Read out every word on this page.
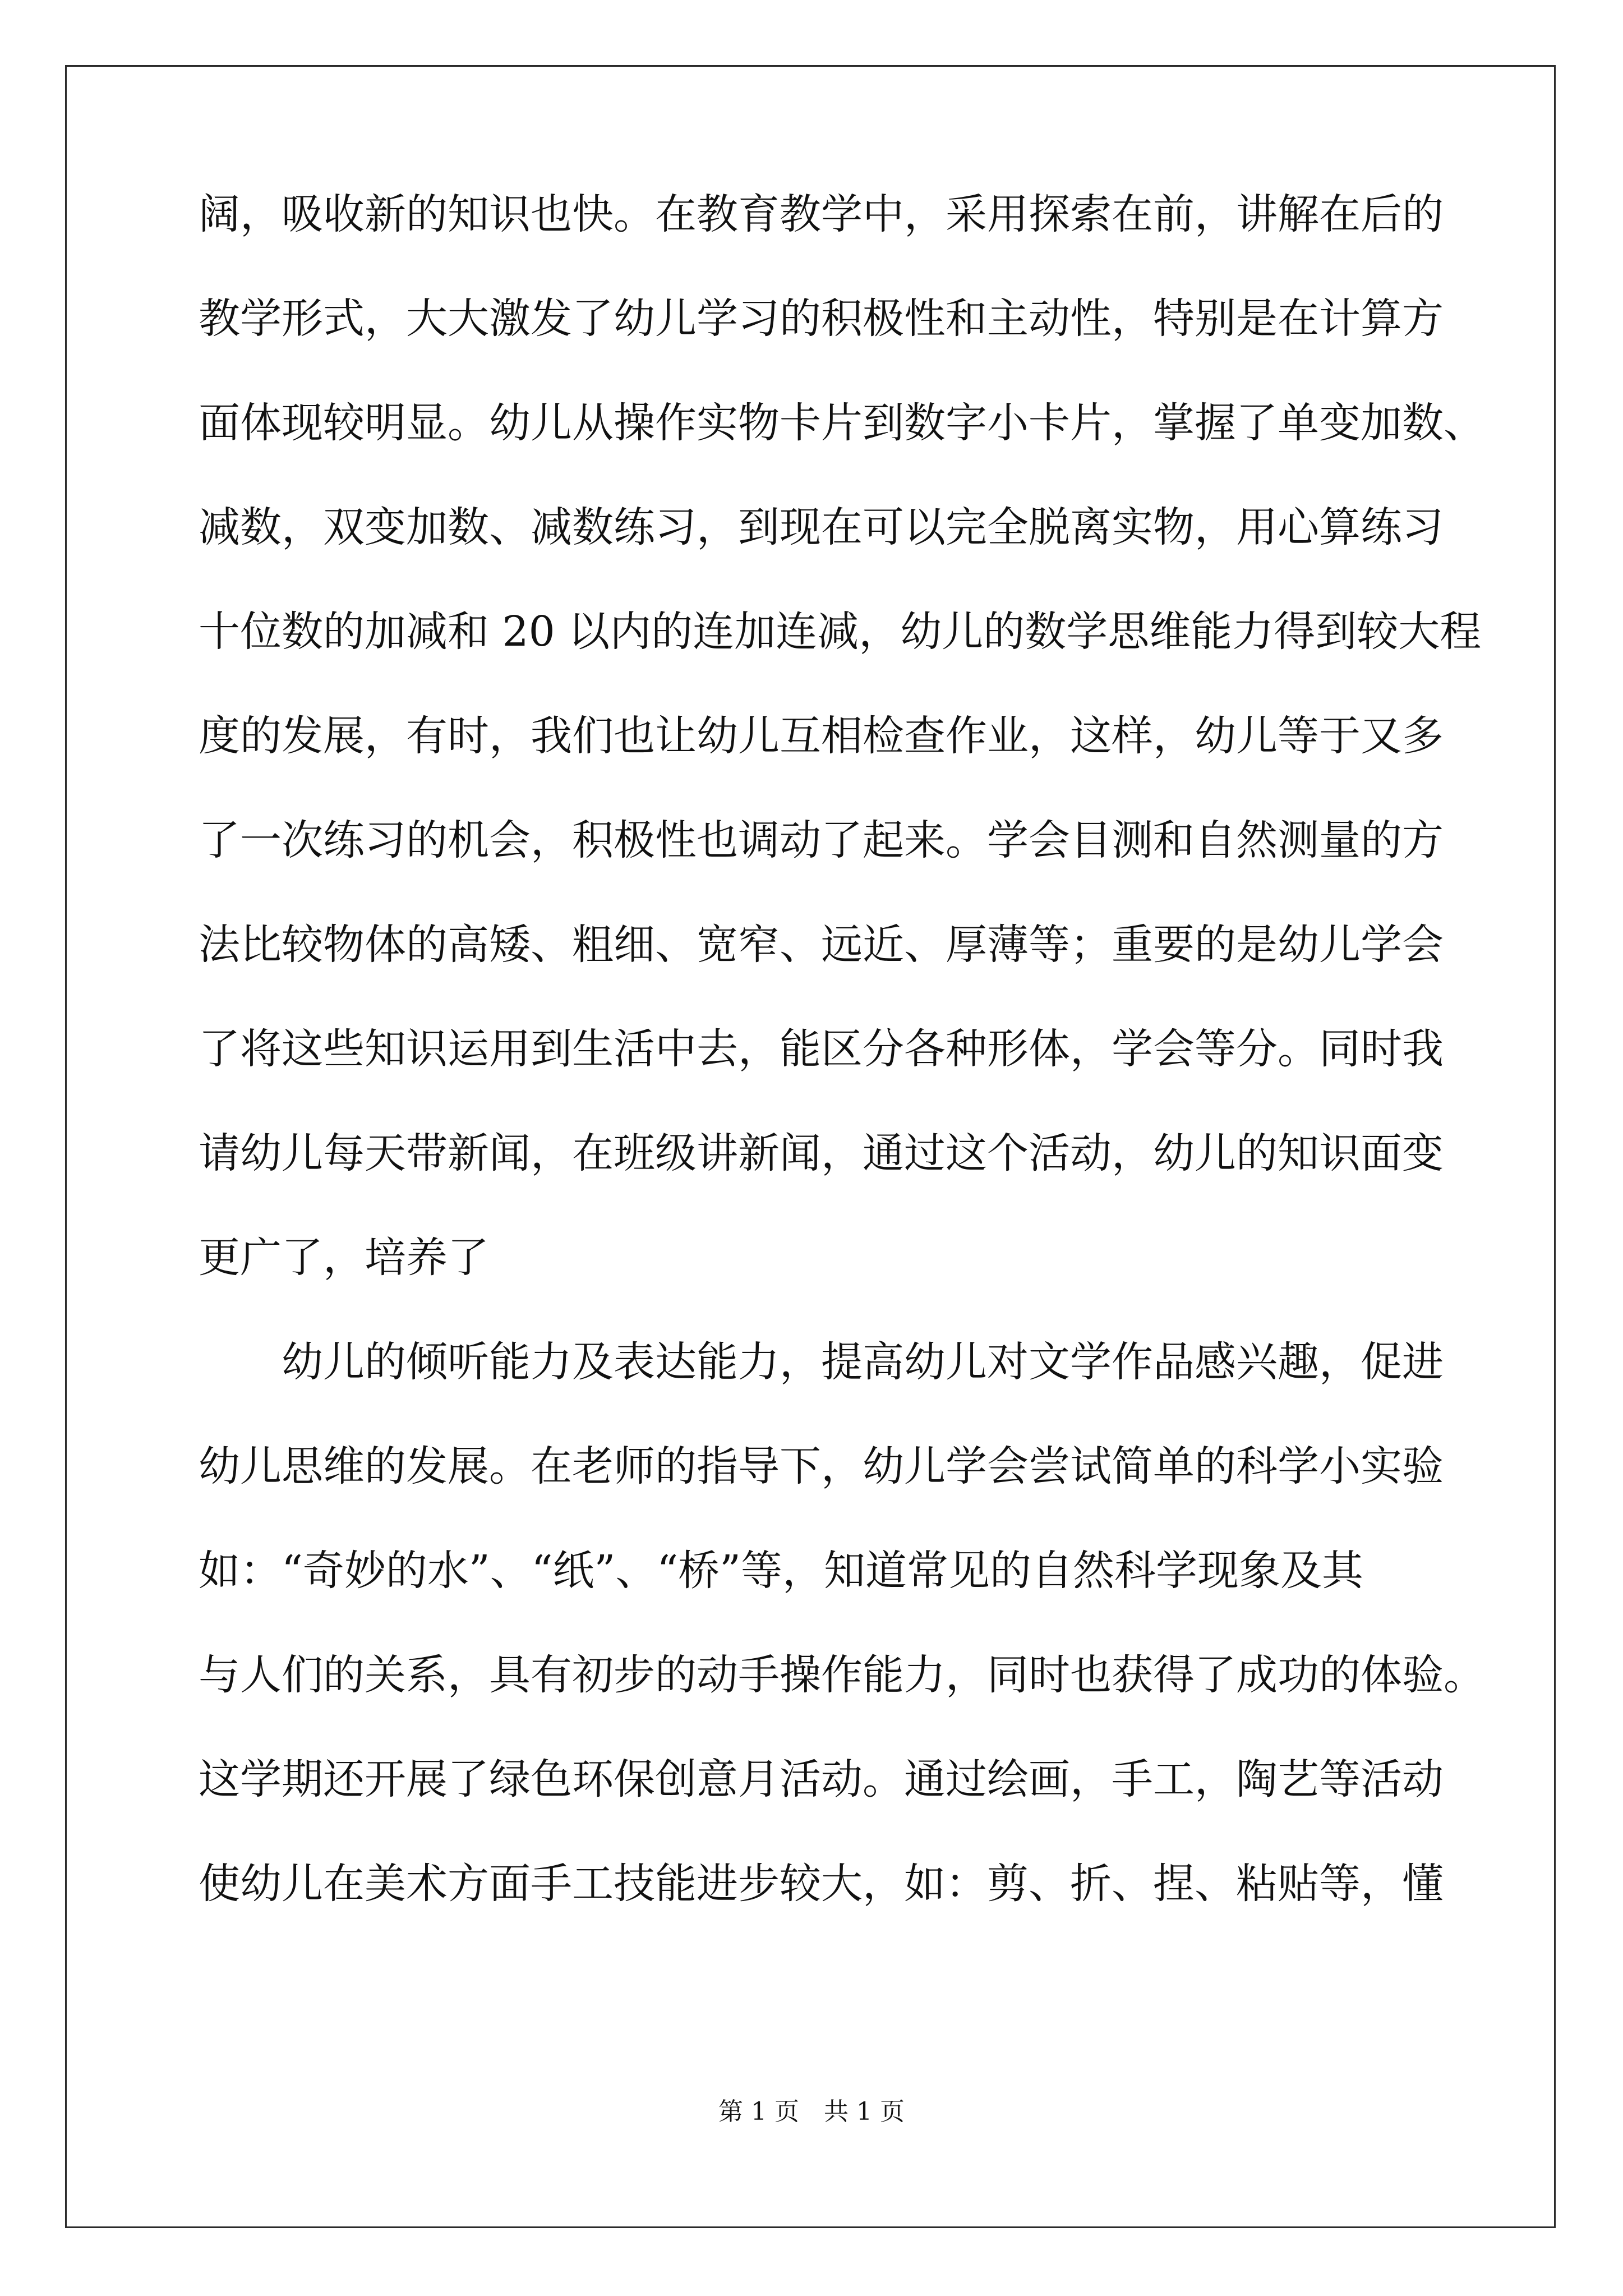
阔，吸收新的知识也快。在教育教学中，采用探索在前，讲解在后的
教学形式，大大激发了幼儿学习的积极性和主动性，特别是在计算方
面体现较明显。幼儿从操作实物卡片到数字小卡片，掌握了单变加数、
减数，双变加数、减数练习，到现在可以完全脱离实物，用心算练习
十位数的加减和 20 以内的连加连减，幼儿的数学思维能力得到较大程
度的发展，有时，我们也让幼儿互相检查作业，这样，幼儿等于又多
了一次练习的机会，积极性也调动了起来。学会目测和自然测量的方
法比较物体的高矮、粗细、宽窄、远近、厚薄等；重要的是幼儿学会
了将这些知识运用到生活中去，能区分各种形体，学会等分。同时我
请幼儿每天带新闻，在班级讲新闻，通过这个活动，幼儿的知识面变
更广了，培养了
　　幼儿的倾听能力及表达能力，提高幼儿对文学作品感兴趣，促进
幼儿思维的发展。在老师的指导下，幼儿学会尝试简单的科学小实验
如：“奇妙的水”、“纸”、“桥”等，知道常见的自然科学现象及其
与人们的关系，具有初步的动手操作能力，同时也获得了成功的体验。
这学期还开展了绿色环保创意月活动。通过绘画，手工，陶艺等活动
使幼儿在美术方面手工技能进步较大，如：剪、折、捏、粘贴等，懂
第 1 页　共 1 页
